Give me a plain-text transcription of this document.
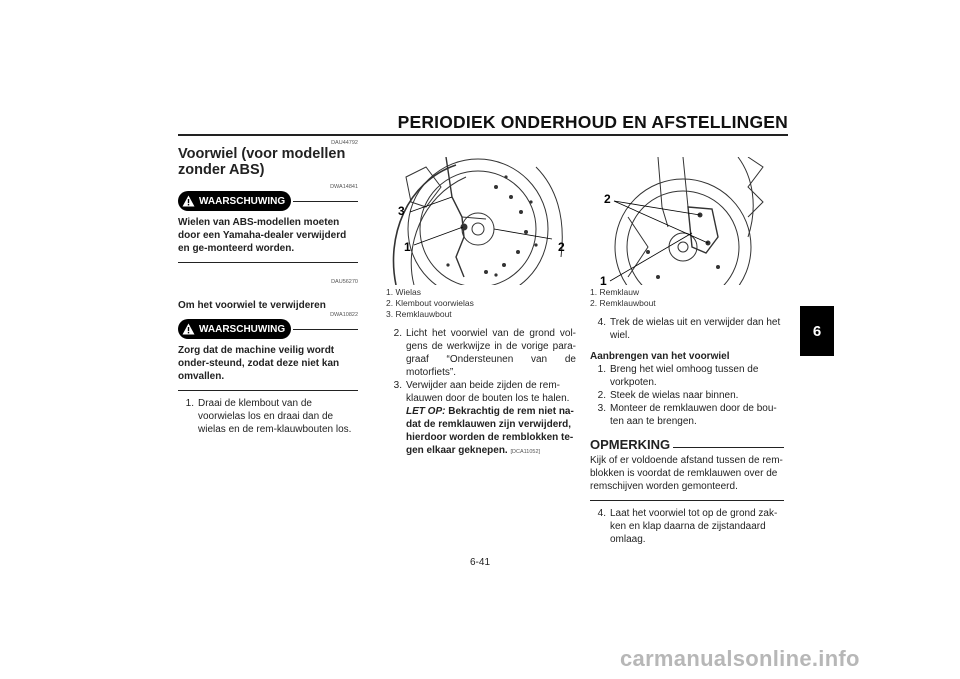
PERIODIEK ONDERHOUD EN AFSTELLINGEN
6
DAU44792
Voorwiel (voor modellen zonder ABS)
DWA14841
WAARSCHUWING
Wielen van ABS-modellen moeten door een Yamaha-dealer verwijderd en ge-monteerd worden.
DAU56270
Om het voorwiel te verwijderen
DWA10822
WAARSCHUWING
Zorg dat de machine veilig wordt onder-steund, zodat deze niet kan omvallen.
1. Draai de klembout van de voorwielas los en draai dan de wielas en de rem-klauwbouten los.
3
1	2
1. Wielas
2. Klembout voorwielas
3. Remklauwbout
2. Licht het voorwiel van de grond vol-gens de werkwijze in de vorige para-graaf “Ondersteunen van de motorfiets”.
3. Verwijder aan beide zijden de rem-klauwen door de bouten los te halen.
LET OP: Bekrachtig de rem niet na-dat de remklauwen zijn verwijderd, hierdoor worden de remblokken te-gen elkaar geknepen. [DCA11052]
2
1
1. Remklauw
2. Remklauwbout
4. Trek de wielas uit en verwijder dan het wiel.
Aanbrengen van het voorwiel
1. Breng het wiel omhoog tussen de vorkpoten.
2. Steek de wielas naar binnen.
3. Monteer de remklauwen door de bou-ten aan te brengen.
OPMERKING
Kijk of er voldoende afstand tussen de rem-blokken is voordat de remklauwen over de remschijven worden gemonteerd.
4. Laat het voorwiel tot op de grond zak-ken en klap daarna de zijstandaard omlaag.
6-41
carmanualsonline.info
